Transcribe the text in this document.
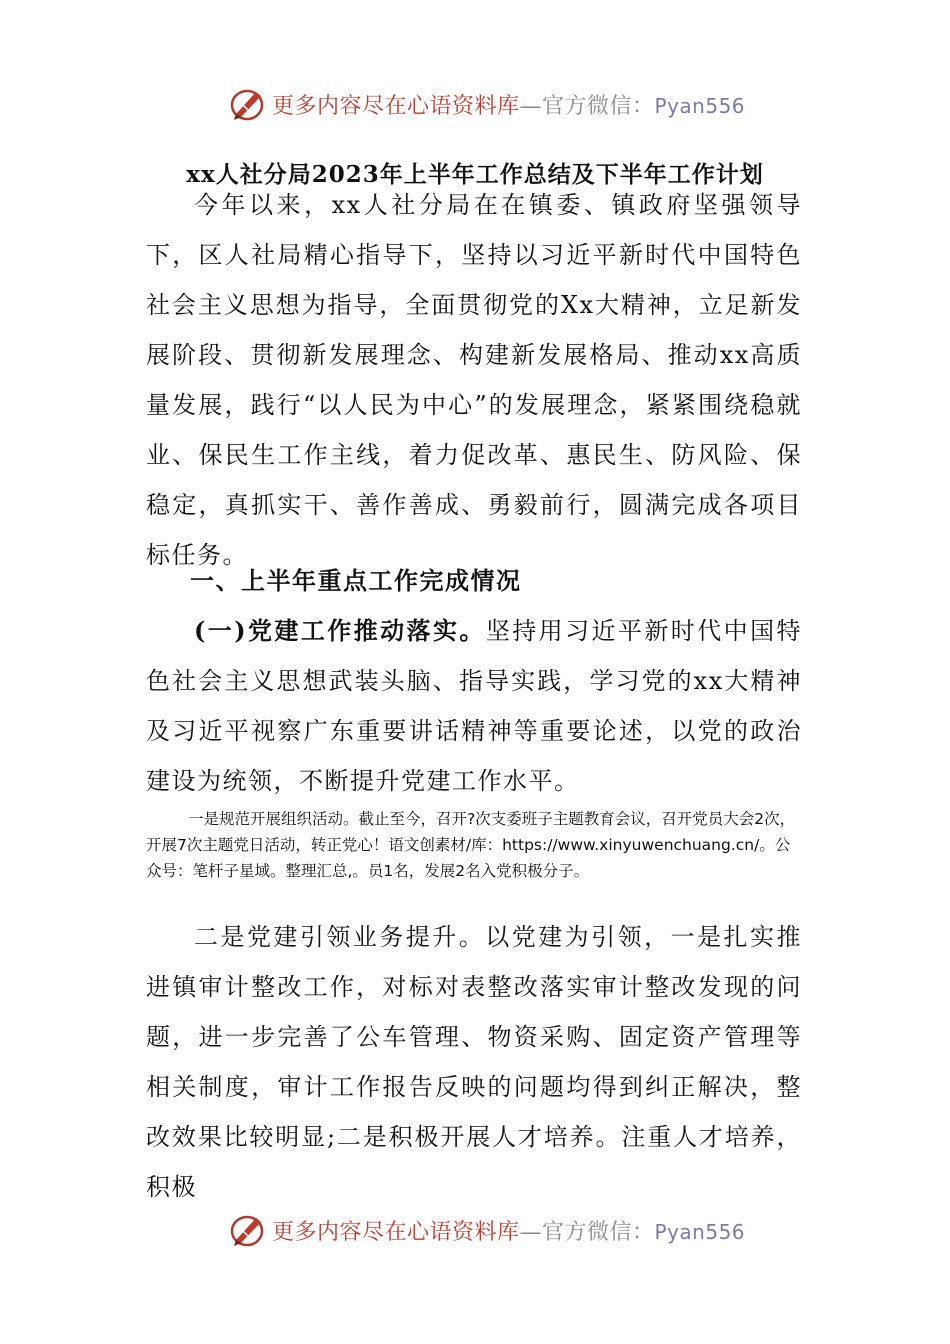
更多内容尽在心语资料库—官方微信：Pyan556
xx人社分局2023年上半年工作总结及下半年工作计划

今年以来，xx人社分局在在镇委、镇政府坚强领导下，区人社局精心指导下，坚持以习近平新时代中国特色社会主义思想为指导，全面贯彻党的Xx大精神，立足新发展阶段、贯彻新发展理念、构建新发展格局、推动xx高质量发展，践行“以人民为中心”的发展理念，紧紧围绕稳就业、保民生工作主线，着力促改革、惠民生、防风险、保稳定，真抓实干、善作善成、勇毅前行，圆满完成各项目标任务。

一、上半年重点工作完成情况

(一)党建工作推动落实。坚持用习近平新时代中国特色社会主义思想武装头脑、指导实践，学习党的xx大精神及习近平视察广东重要讲话精神等重要论述，以党的政治建设为统领，不断提升党建工作水平。

一是规范开展组织活动。截止至今，召开?次支委班子主题教育会议，召开党员大会2次，开展7次主题党日活动，转正党心！语文创素材/库：https://www.xinyuwenchuang.cn/。公众号：笔杆子星域。整理汇总,。员1名，发展2名入党积极分子。

二是党建引领业务提升。以党建为引领，一是扎实推进镇审计整改工作，对标对表整改落实审计整改发现的问题，进一步完善了公车管理、物资采购、固定资产管理等相关制度，审计工作报告反映的问题均得到纠正解决，整改效果比较明显;二是积极开展人才培养。注重人才培养，积极

更多内容尽在心语资料库—官方微信：Pyan556
